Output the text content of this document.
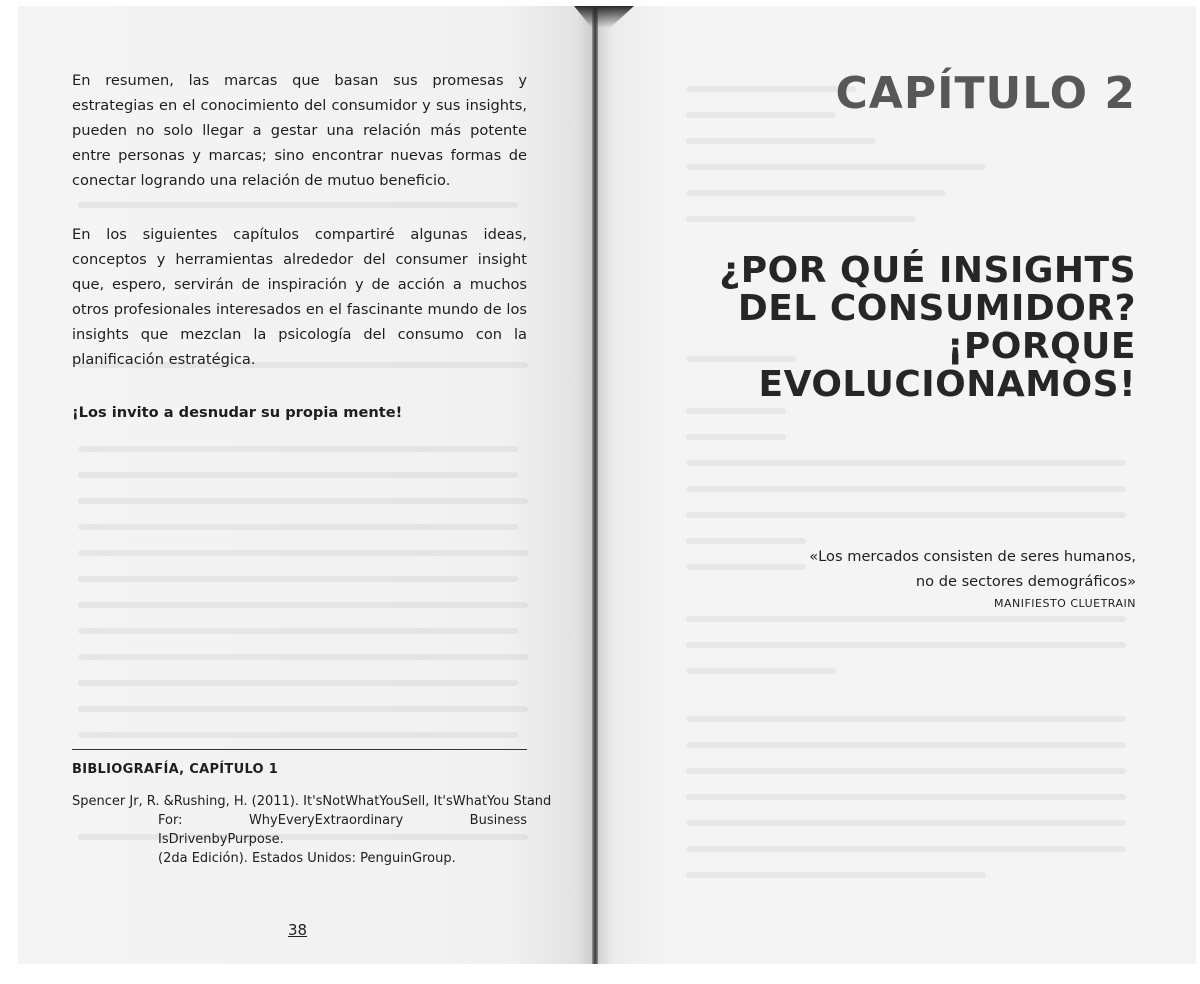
En resumen, las marcas que basan sus promesas y estrategias en el conocimiento del consumidor y sus insights, pueden no solo llegar a gestar una relación más potente entre personas y marcas; sino encontrar nuevas formas de conectar logrando una relación de mutuo beneficio.

En los siguientes capítulos compartiré algunas ideas, conceptos y herramientas alrededor del consumer insight que, espero, servirán de inspiración y de acción a muchos otros profesionales interesados en el fascinante mundo de los insights que mezclan la psicología del consumo con la planificación estratégica.

¡Los invito a desnudar su propia mente!

BIBLIOGRAFÍA, CAPÍTULO 1
Spencer Jr, R. &Rushing, H. (2011). It'sNotWhatYouSell, It'sWhatYou Stand
For: WhyEveryExtraordinary Business IsDrivenbyPurpose.
(2da Edición). Estados Unidos: PenguinGroup.
38
CAPÍTULO 2
¿POR QUÉ INSIGHTS
DEL CONSUMIDOR?
¡PORQUE
EVOLUCIONAMOS!

«Los mercados consisten de seres humanos,
no de sectores demográficos»

MANIFIESTO CLUETRAIN
